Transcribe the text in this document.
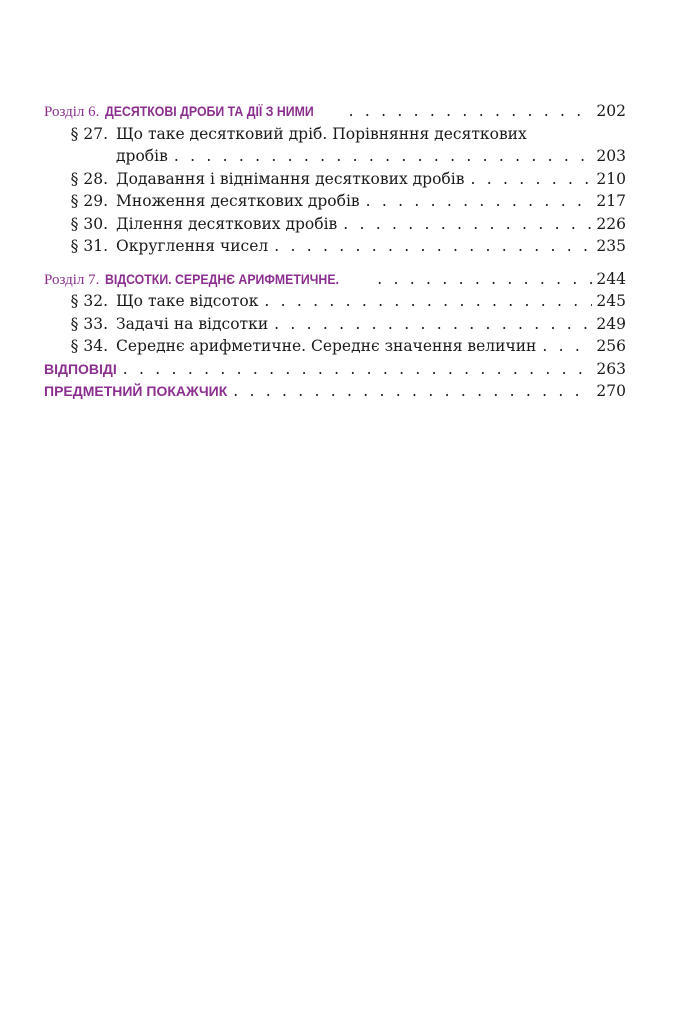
Розділ 6. ДЕСЯТКОВІ ДРОБИ ТА ДІЇ З НИМИ . . .	202
§ 27. Що таке десятковий дріб. Порівняння десяткових
дробів . . .	203
§ 28. Додавання і віднімання десяткових дробів . . .	210
§ 29. Множення десяткових дробів . . .	217
§ 30. Ділення десяткових дробів . . .	226
§ 31. Округлення чисел . . .	235
Розділ 7. ВІДСОТКИ. СЕРЕДНЄ АРИФМЕТИЧНЕ. . . .	244
§ 32. Що таке відсоток . . .	245
§ 33. Задачі на відсотки . . .	249
§ 34. Середнє арифметичне. Середнє значення величин . . .	256
ВІДПОВІДІ . . .	263
ПРЕДМЕТНИЙ ПОКАЖЧИК . . .	270
